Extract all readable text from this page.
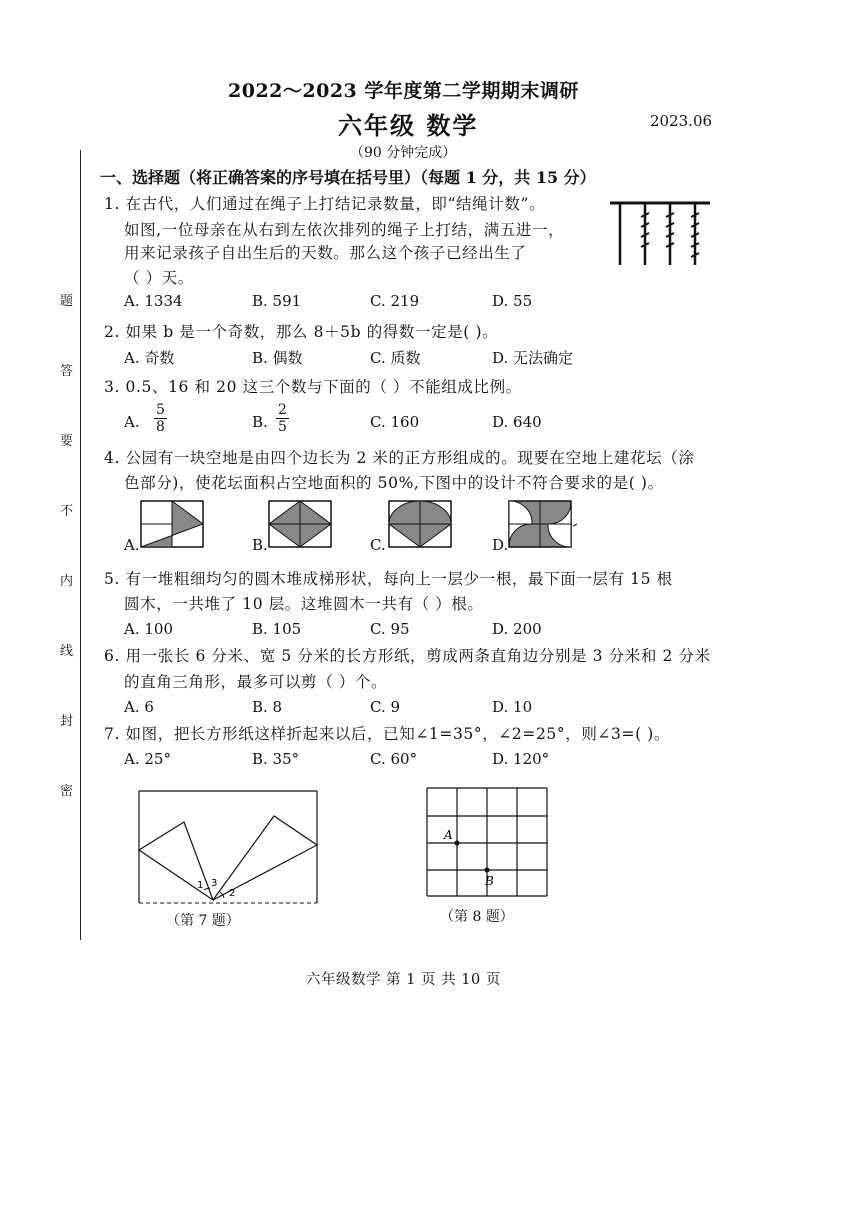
2022～2023 学年度第二学期期末调研
六年级 数学	2023.06
（90 分钟完成）
题
答
要
不
内
线
封
密
一、选择题（将正确答案的序号填在括号里）（每题 1 分，共 15 分）
1. 在古代，人们通过在绳子上打结记录数量，即“结绳计数”。
如图,一位母亲在从右到左依次排列的绳子上打结，满五进一，
用来记录孩子自出生后的天数。那么这个孩子已经出生了
（ ）天。
A. 1334	B. 591	C. 219	D. 55
2. 如果 b 是一个奇数，那么 8＋5b 的得数一定是( )。
A. 奇数	B. 偶数	C. 质数	D. 无法确定
3. 0.5、16 和 20 这三个数与下面的（ ）不能组成比例。
A. $\frac{5}{8}$	B. $\frac{2}{5}$	C. 160	D. 640
4. 公园有一块空地是由四个边长为 2 米的正方形组成的。现要在空地上建花坛（涂
色部分)，使花坛面积占空地面积的 50%,下图中的设计不符合要求的是( )。
A.	B.	C.	D.
5. 有一堆粗细均匀的圆木堆成梯形状，每向上一层少一根，最下面一层有 15 根
圆木，一共堆了 10 层。这堆圆木一共有（ ）根。
A. 100	B. 105	C. 95	D. 200
6. 用一张长 6 分米、宽 5 分米的长方形纸，剪成两条直角边分别是 3 分米和 2 分米
的直角三角形，最多可以剪（ ）个。
A. 6	B. 8	C. 9	D. 10
7. 如图，把长方形纸这样折起来以后，已知∠1=35°，∠2=25°，则∠3=( )。
A. 25°	B. 35°	C. 60°	D. 120°
1
2
3
（第 7 题）
A
B
（第 8 题）
六年级数学 第 1 页 共 10 页
